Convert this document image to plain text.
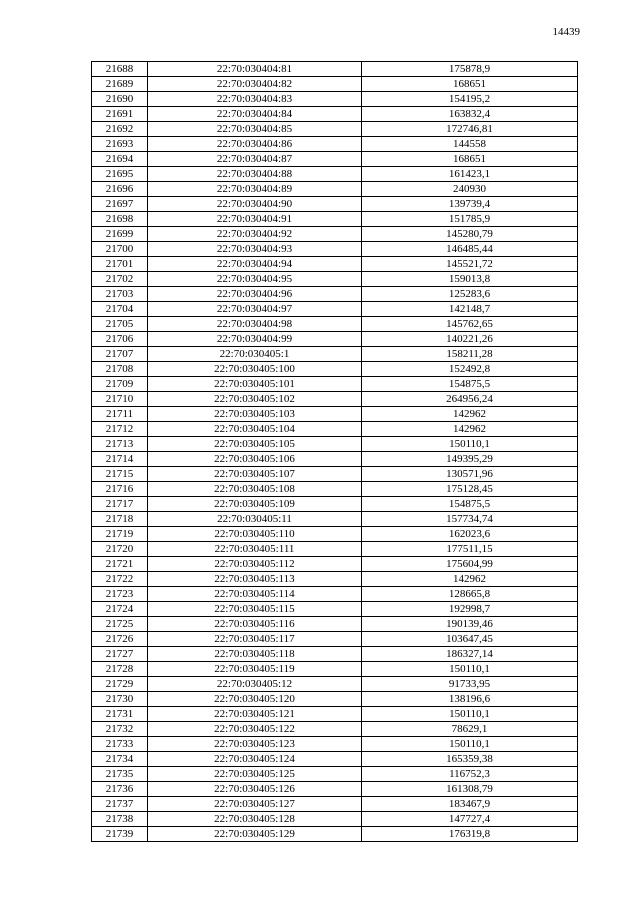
14439
21688	22:70:030404:81	175878,9
21689	22:70:030404:82	168651
21690	22:70:030404:83	154195,2
21691	22:70:030404:84	163832,4
21692	22:70:030404:85	172746,81
21693	22:70:030404:86	144558
21694	22:70:030404:87	168651
21695	22:70:030404:88	161423,1
21696	22:70:030404:89	240930
21697	22:70:030404:90	139739,4
21698	22:70:030404:91	151785,9
21699	22:70:030404:92	145280,79
21700	22:70:030404:93	146485,44
21701	22:70:030404:94	145521,72
21702	22:70:030404:95	159013,8
21703	22:70:030404:96	125283,6
21704	22:70:030404:97	142148,7
21705	22:70:030404:98	145762,65
21706	22:70:030404:99	140221,26
21707	22:70:030405:1	158211,28
21708	22:70:030405:100	152492,8
21709	22:70:030405:101	154875,5
21710	22:70:030405:102	264956,24
21711	22:70:030405:103	142962
21712	22:70:030405:104	142962
21713	22:70:030405:105	150110,1
21714	22:70:030405:106	149395,29
21715	22:70:030405:107	130571,96
21716	22:70:030405:108	175128,45
21717	22:70:030405:109	154875,5
21718	22:70:030405:11	157734,74
21719	22:70:030405:110	162023,6
21720	22:70:030405:111	177511,15
21721	22:70:030405:112	175604,99
21722	22:70:030405:113	142962
21723	22:70:030405:114	128665,8
21724	22:70:030405:115	192998,7
21725	22:70:030405:116	190139,46
21726	22:70:030405:117	103647,45
21727	22:70:030405:118	186327,14
21728	22:70:030405:119	150110,1
21729	22:70:030405:12	91733,95
21730	22:70:030405:120	138196,6
21731	22:70:030405:121	150110,1
21732	22:70:030405:122	78629,1
21733	22:70:030405:123	150110,1
21734	22:70:030405:124	165359,38
21735	22:70:030405:125	116752,3
21736	22:70:030405:126	161308,79
21737	22:70:030405:127	183467,9
21738	22:70:030405:128	147727,4
21739	22:70:030405:129	176319,8
